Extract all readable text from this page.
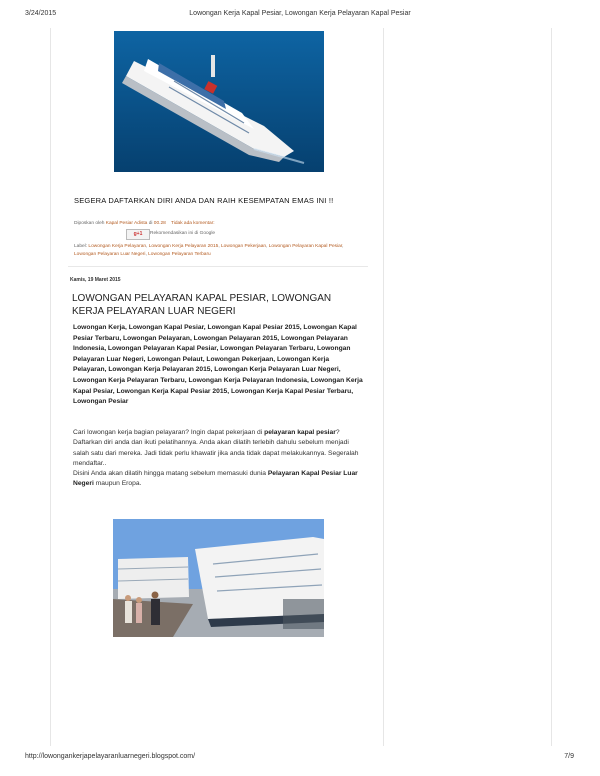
3/24/2015	Lowongan Kerja Kapal Pesiar, Lowongan Kerja Pelayaran Kapal Pesiar
SEGERA DAFTARKAN DIRI ANDA DAN RAIH KESEMPATAN EMAS INI !!
Diposkan oleh Kapal Pesiar Adista di 00.28 Tidak ada komentar:
g+1	Rekomendasikan ini di Google
Label: Lowongan Kerja Pelayaran, Lowongan Kerja Pelayaran 2015, Lowongan Pekerjaan, Lowongan Pelayaran Kapal Pesiar, Lowongan Pelayaran Luar Negeri, Lowongan Pelayaran Terbaru
Kamis, 19 Maret 2015
LOWONGAN PELAYARAN KAPAL PESIAR, LOWONGAN KERJA PELAYARAN LUAR NEGERI
Lowongan Kerja, Lowongan Kapal Pesiar, Lowongan Kapal Pesiar 2015, Lowongan Kapal Pesiar Terbaru, Lowongan Pelayaran, Lowongan Pelayaran 2015, Lowongan Pelayaran Indonesia, Lowongan Pelayaran Kapal Pesiar, Lowongan Pelayaran Terbaru, Lowongan Pelayaran Luar Negeri, Lowongan Pelaut, Lowongan Pekerjaan, Lowongan Kerja Pelayaran, Lowongan Kerja Pelayaran 2015, Lowongan Kerja Pelayaran Luar Negeri, Lowongan Kerja Pelayaran Terbaru, Lowongan Kerja Pelayaran Indonesia, Lowongan Kerja Kapal Pesiar, Lowongan Kerja Kapal Pesiar 2015, Lowongan Kerja Kapal Pesiar Terbaru, Lowongan Pesiar
Cari lowongan kerja bagian pelayaran? Ingin dapat pekerjaan di pelayaran kapal pesiar? Daftarkan diri anda dan ikuti pelatihannya. Anda akan dilatih terlebih dahulu sebelum menjadi salah satu dari mereka. Jadi tidak perlu khawatir jika anda tidak dapat melakukannya. Segeralah mendaftar..
Disini Anda akan dilatih hingga matang sebelum memasuki dunia Pelayaran Kapal Pesiar Luar Negeri maupun Eropa.
http://lowongankerjapelayaranluarnegeri.blogspot.com/	7/9
